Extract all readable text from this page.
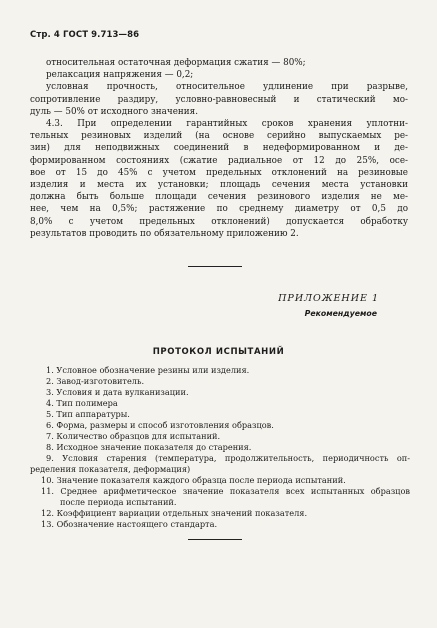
Стр. 4 ГОСТ 9.713—86

относительная остаточная деформация сжатия — 80%;

релаксация напряжения — 0,2;

условная прочность, относительное удлинение при разрыве,

сопротивление раздиру, условно-равновесный и статический мо-

дуль — 50% от исходного значения.

4.3. При определении гарантийных сроков хранения уплотни-

тельных резиновых изделий (на основе серийно выпускаемых ре-

зин) для неподвижных соединений в недеформированном и де-

формированном состояниях (сжатие радиальное от 12 до 25%, осе-

вое от 15 до 45% с учетом предельных отклонений на резиновые

изделия и места их установки; площадь сечения места установки

должна быть больше площади сечения резинового изделия не ме-

нее, чем на 0,5%; растяжение по среднему диаметру от 0,5 до

8,0% с учетом предельных отклонений) допускается обработку

результатов проводить по обязательному приложению 2.

ПРИЛОЖЕНИЕ 1
Рекомендуемое
ПРОТОКОЛ ИСПЫТАНИЙ

1. Условное обозначение резины или изделия.

2. Завод-изготовитель.

3. Условия и дата вулканизации.

4. Тип полимера

5. Тип аппаратуры.

6. Форма, размеры и способ изготовления образцов.

7. Количество образцов для испытаний.

8. Исходное значение показателя до старения.

9. Условия старения (температура, продолжительность, периодичность оп-

ределения показателя, деформация)

10. Значение показателя каждого образца после периода испытаний.

11. Среднее арифметическое значение показателя всех испытанных образцов

после периода испытаний.

12. Коэффициент вариации отдельных значений показателя.

13. Обозначение настоящего стандарта.
